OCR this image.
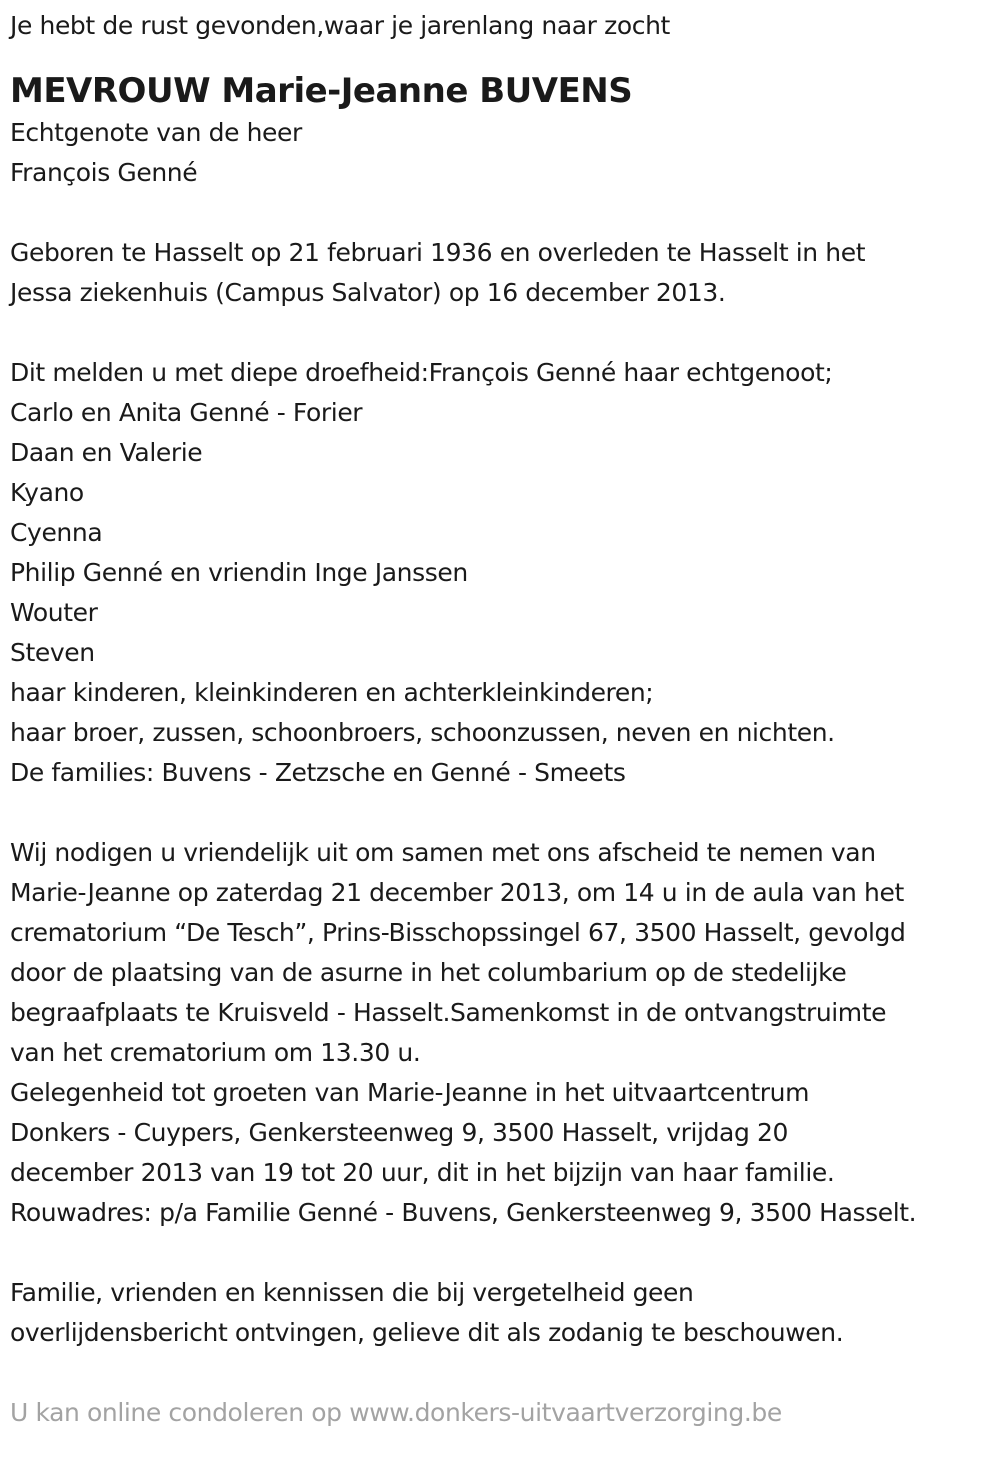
Je hebt de rust gevonden,waar je jarenlang naar zocht
MEVROUW Marie-Jeanne BUVENS
Echtgenote van de heer
François Genné
Geboren te Hasselt op 21 februari 1936 en overleden te Hasselt in het
Jessa ziekenhuis (Campus Salvator) op 16 december 2013.
Dit melden u met diepe droefheid:François Genné haar echtgenoot;
Carlo en Anita Genné - Forier
Daan en Valerie
Kyano
Cyenna
Philip Genné en vriendin Inge Janssen
Wouter
Steven
haar kinderen, kleinkinderen en achterkleinkinderen;
haar broer, zussen, schoonbroers, schoonzussen, neven en nichten.
De families: Buvens - Zetzsche en Genné - Smeets
Wij nodigen u vriendelijk uit om samen met ons afscheid te nemen van
Marie-Jeanne op zaterdag 21 december 2013, om 14 u in de aula van het
crematorium “De Tesch”, Prins-Bisschopssingel 67, 3500 Hasselt, gevolgd
door de plaatsing van de asurne in het columbarium op de stedelijke
begraafplaats te Kruisveld - Hasselt.Samenkomst in de ontvangstruimte
van het crematorium om 13.30 u.
Gelegenheid tot groeten van Marie-Jeanne in het uitvaartcentrum
Donkers - Cuypers, Genkersteenweg 9, 3500 Hasselt, vrijdag 20
december 2013 van 19 tot 20 uur, dit in het bijzijn van haar familie.
Rouwadres: p/a Familie Genné - Buvens, Genkersteenweg 9, 3500 Hasselt.
Familie, vrienden en kennissen die bij vergetelheid geen
overlijdensbericht ontvingen, gelieve dit als zodanig te beschouwen.
U kan online condoleren op www.donkers-uitvaartverzorging.be
